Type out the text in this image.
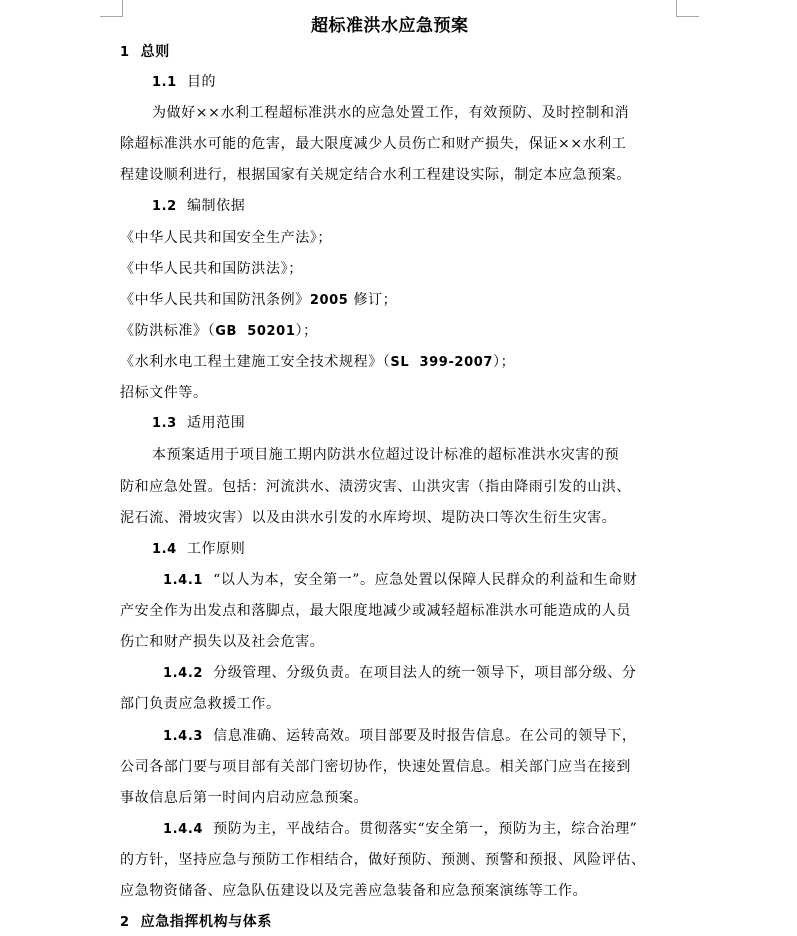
超标准洪水应急预案
1 总则
1.1 目的
为做好××水利工程超标准洪水的应急处置工作，有效预防、及时控制和消
除超标准洪水可能的危害，最大限度减少人员伤亡和财产损失，保证××水利工
程建设顺利进行，根据国家有关规定结合水利工程建设实际，制定本应急预案。
1.2 编制依据
《中华人民共和国安全生产法》；
《中华人民共和国防洪法》；
《中华人民共和国防汛条例》2005 修订；
《防洪标准》（GB  50201）；
《水利水电工程土建施工安全技术规程》（SL  399-2007）；
招标文件等。
1.3 适用范围
本预案适用于项目施工期内防洪水位超过设计标准的超标准洪水灾害的预
防和应急处置。包括：河流洪水、渍涝灾害、山洪灾害（指由降雨引发的山洪、
泥石流、滑坡灾害）以及由洪水引发的水库垮坝、堤防决口等次生衍生灾害。
1.4 工作原则
1.4.1 “以人为本，安全第一”。应急处置以保障人民群众的利益和生命财
产安全作为出发点和落脚点，最大限度地减少或减轻超标准洪水可能造成的人员
伤亡和财产损失以及社会危害。
1.4.2 分级管理、分级负责。在项目法人的统一领导下，项目部分级、分
部门负责应急救援工作。
1.4.3 信息准确、运转高效。项目部要及时报告信息。在公司的领导下，
公司各部门要与项目部有关部门密切协作，快速处置信息。相关部门应当在接到
事故信息后第一时间内启动应急预案。
1.4.4 预防为主，平战结合。贯彻落实“安全第一，预防为主，综合治理”
的方针，坚持应急与预防工作相结合，做好预防、预测、预警和预报、风险评估、
应急物资储备、应急队伍建设以及完善应急装备和应急预案演练等工作。
2 应急指挥机构与体系
